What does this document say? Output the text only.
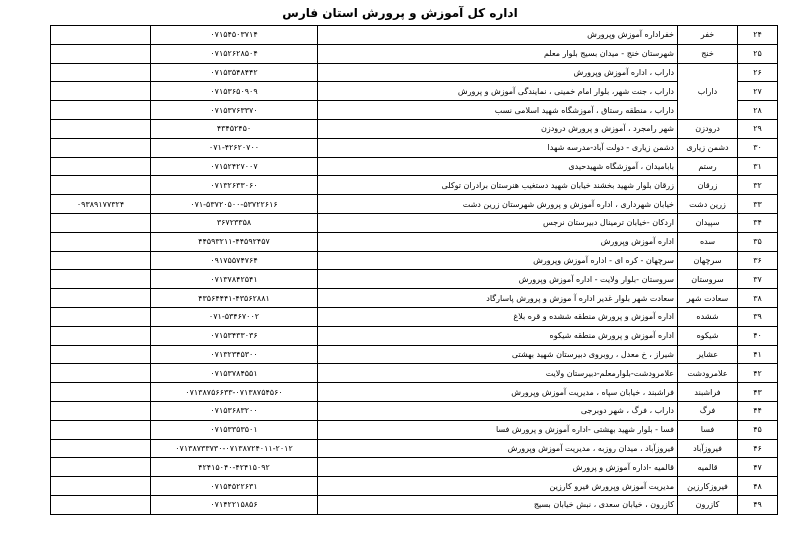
اداره کل آموزش و پرورش استان فارس
۲۴	خفر	خفراداره آموزش وپرورش	۰۷۱۵۴۵۰۳۷۱۴	
۲۵	خنج	شهرستان خنج - میدان بسیج بلوار معلم	۰۷۱۵۲۶۲۸۵۰۴	
۲۶	داراب	داراب ، اداره آموزش وپرورش	۰۷۱۵۳۵۴۸۴۴۲	
۲۷		داراب ، جنت شهر، بلوار امام خمینی ، نمایندگی آموزش و پرورش	۰۷۱۵۳۶۵۰۹۰۹	
۲۸		داراب ، منطقه رستاق ، آموزشگاه شهید اسلامی نسب	۰۷۱۵۳۷۶۳۳۷۰	
۲۹	درودزن	شهر رامجرد ، آموزش و پرورش درودزن	۴۳۴۵۲۴۵۰	
۳۰	دشمن زیاری	دشمن زیاری - دولت آباد-مدرسه شهدا	۰۷۱-۴۲۶۲۰۷۰۰	
۳۱	رستم	بابامیدان ، آموزشگاه شهیدحیدی	۰۷۱۵۲۴۲۷۰۰۷	
۳۲	زرقان	زرقان بلوار شهید بخشند خیابان شهید دستغیب هنرستان برادران توکلی	۰۷۱۳۲۶۳۳۰۶۰	
۳۳	زرین دشت	خیابان شهرداری ، اداره آموزش و پرورش شهرستان زرین دشت	۰۷۱-۵۳۷۲۰۵۰۰-۵۳۷۲۲۶۱۶	۰۹۳۸۹۱۷۷۳۲۴
۳۴	سپیدان	اردکان -خیابان ترمینال دبیرستان نرجس	۳۶۷۲۳۳۵۸	
۳۵	سده	اداره آموزش وپرورش	۴۴۵۹۳۲۱۱-۴۴۵۹۲۴۵۷	
۳۶	سرچهان	سرچهان - کره ای - اداره آموزش وپرورش	۰۹۱۷۵۵۷۴۷۶۴	
۳۷	سروستان	سروستان -بلوار ولایت - اداره آموزش وپرورش	۰۷۱۳۷۸۴۲۵۴۱	
۳۸	سعادت شهر	سعادت شهر بلوار غدیر اداره آ موزش و پرورش پاسارگاد	۴۳۵۶۴۴۴۱-۴۳۵۶۲۸۸۱	
۳۹	ششده	اداره آموزش و پرورش منطقه ششده و قره بلاغ	۰۷۱-۵۳۴۶۷۰۰۲	
۴۰	شیکوه	اداره آموزش و پرورش منطقه شیکوه	۰۷۱۵۳۴۳۳۰۳۶	
۴۱	عشایر	شیراز ، خ معدل ، روبروی دبیرستان شهید بهشتی	۰۷۱۳۲۳۴۵۳۰۰	
۴۲	علامرودشت	علامرودشت-بلوارمعلم-دبیرستان ولایت	۰۷۱۵۳۷۸۴۵۵۱	
۴۳	فراشبند	فراشبند ، خیابان سپاه ، مدیریت آموزش وپرورش	۰۷۱۳۸۷۵۶۶۳۳-۰۷۱۳۸۷۵۴۵۶۰	
۴۴	فرگ	داراب ، فرگ ، شهر دوبرجی	۰۷۱۵۳۶۸۳۲۰۰	
۴۵	فسا	فسا - بلوار شهید بهشتی -اداره آموزش و پرورش فسا	۰۷۱۵۳۳۵۳۵۰۱	
۴۶	فیروزآباد	فیروزآباد ، میدان روزبه ، مدیریت آموزش وپرورش	۰۷۱۳۸۷۳۳۷۳۰-۰۷۱۳۸۷۲۴۰۱۱-۲۰۱۲	
۴۷	قالمیه	قالمیه -اداره آموزش و پرورش	۴۲۴۱۵۰۴۰-۴۲۴۱۵۰۹۲	
۴۸	فیروزکارزین	مدیریت آموزش وپرورش فیرو کارزین	۰۷۱۵۴۵۲۲۶۳۱	
۴۹	کازرون	کازرون ، خیابان سعدی ، نبش خیابان بسیج	۰۷۱۴۲۲۱۵۸۵۶	
